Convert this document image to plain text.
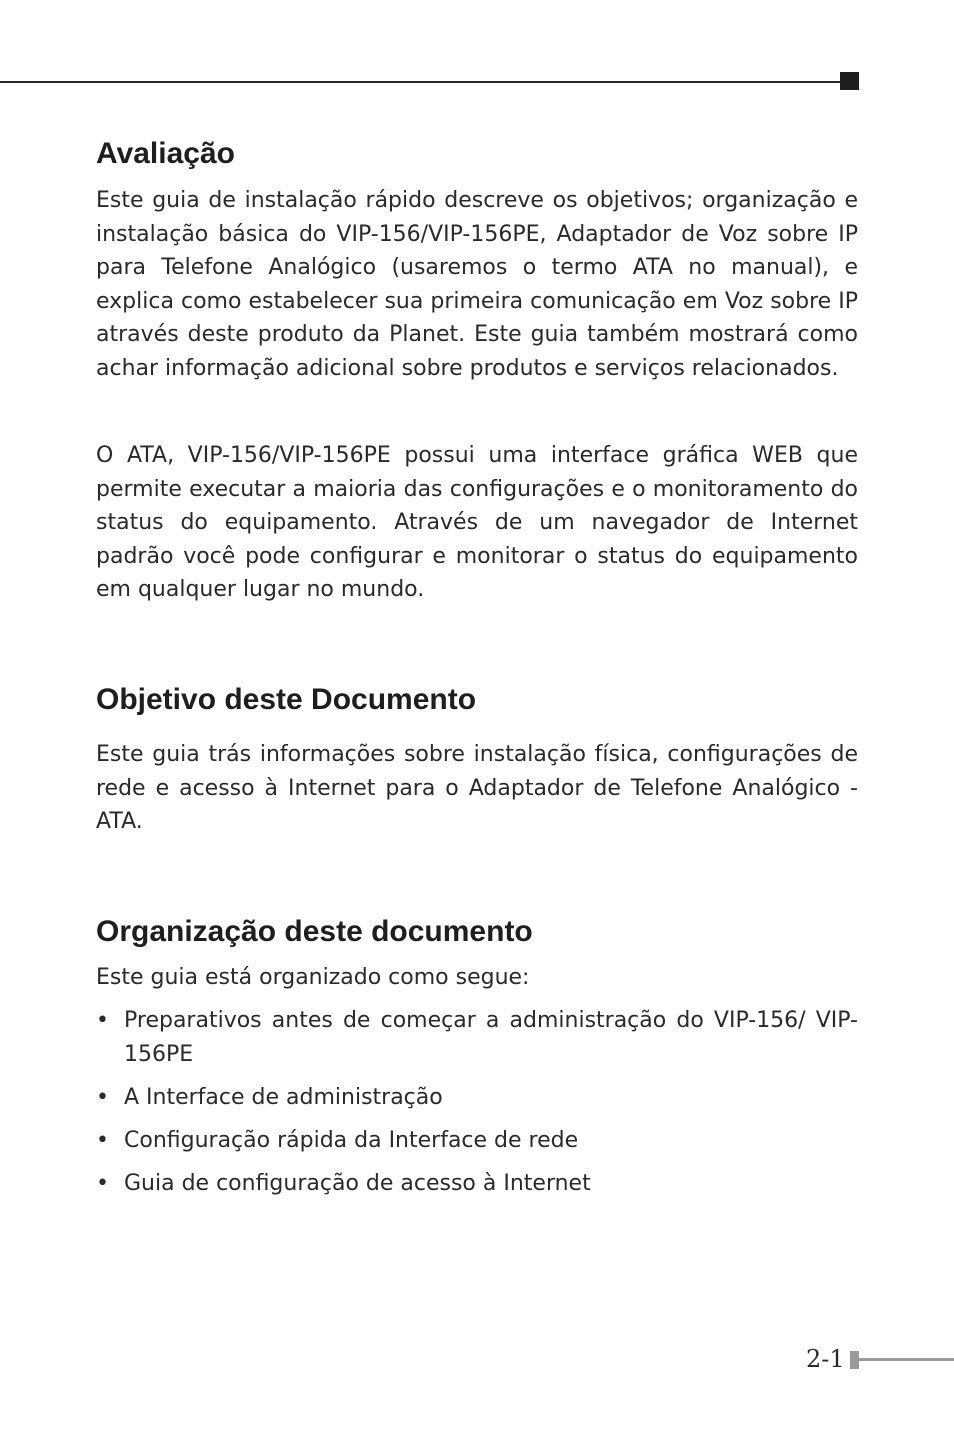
Avaliação

Este guia de instalação rápido descreve os objetivos; organização e instalação básica do VIP-156/VIP-156PE, Adaptador de Voz sobre IP para Telefone Analógico (usaremos o termo ATA no manual), e explica como estabelecer sua primeira comunicação em Voz sobre IP através deste produto da Planet. Este guia também mostrará como achar informação adicional sobre produtos e serviços relacionados.

O ATA, VIP-156/VIP-156PE possui uma interface gráfica WEB que permite executar a maioria das configurações e o monitoramento do status do equipamento. Através de um navegador de Internet padrão você pode configurar e monitorar o status do equipamento em qualquer lugar no mundo.

Objetivo deste Documento

Este guia trás informações sobre instalação física, configurações de rede e acesso à Internet para o Adaptador de Telefone Analógico - ATA.

Organização deste documento

Este guia está organizado como segue:

• Preparativos antes de começar a administração do VIP-156/ VIP-156PE
• A Interface de administração
• Configuração rápida da Interface de rede
• Guia de configuração de acesso à Internet
2-1
